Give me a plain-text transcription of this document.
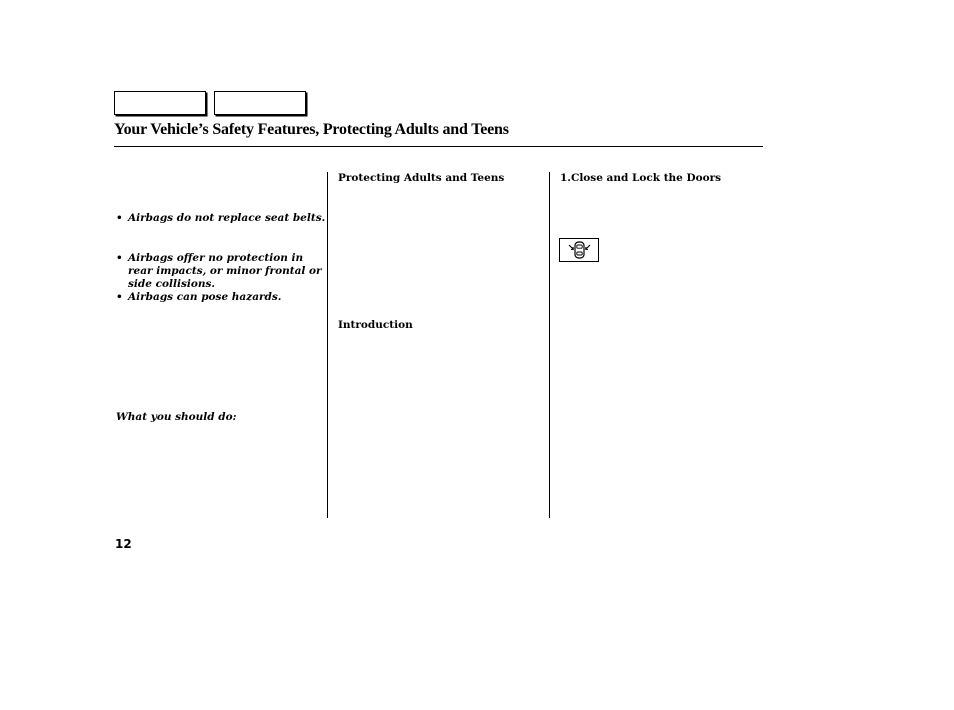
Your Vehicle’s Safety Features, Protecting Adults and Teens
• Airbags do not replace seat belts.
• Airbags offer no protection in rear impacts, or minor frontal or side collisions.
• Airbags can pose hazards.
What you should do:
Protecting Adults and Teens
Introduction
1.Close and Lock the Doors
12
